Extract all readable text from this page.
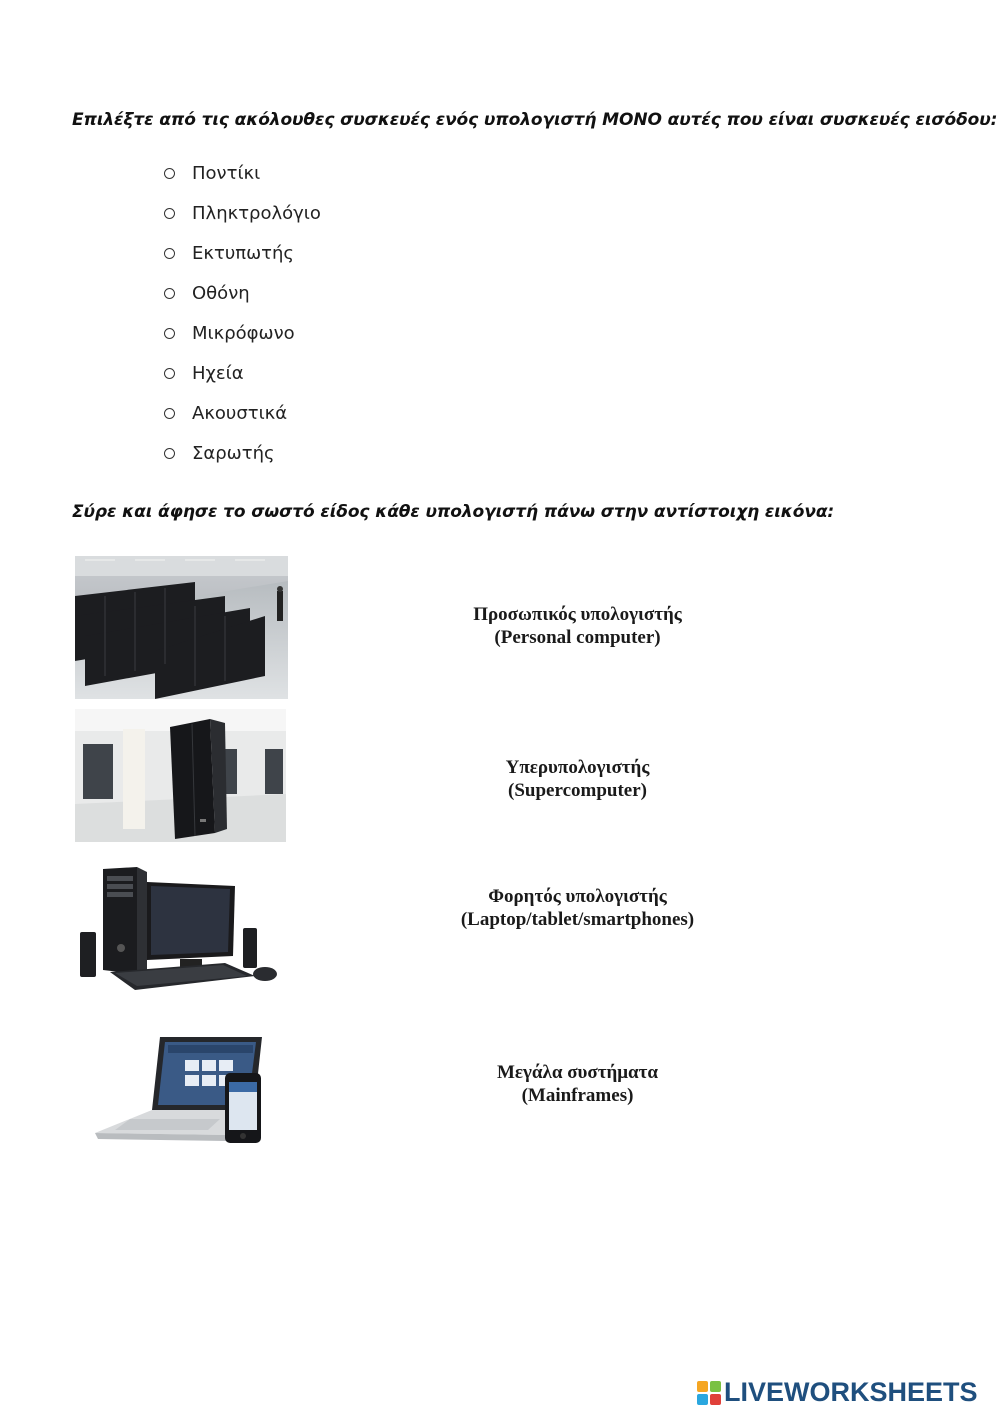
Επιλέξτε από τις ακόλουθες συσκευές ενός υπολογιστή ΜΟΝΟ αυτές που είναι συσκευές εισόδου:
Ποντίκι
Πληκτρολόγιο
Εκτυπωτής
Οθόνη
Μικρόφωνο
Ηχεία
Ακουστικά
Σαρωτής
Σύρε και άφησε το σωστό είδος κάθε υπολογιστή πάνω στην αντίστοιχη εικόνα:
Προσωπικός υπολογιστής
(Personal computer)
Υπερυπολογιστής
(Supercomputer)
Φορητός υπολογιστής
(Laptop/tablet/smartphones)
Μεγάλα συστήματα
(Mainframes)
LIVEWORKSHEETS
